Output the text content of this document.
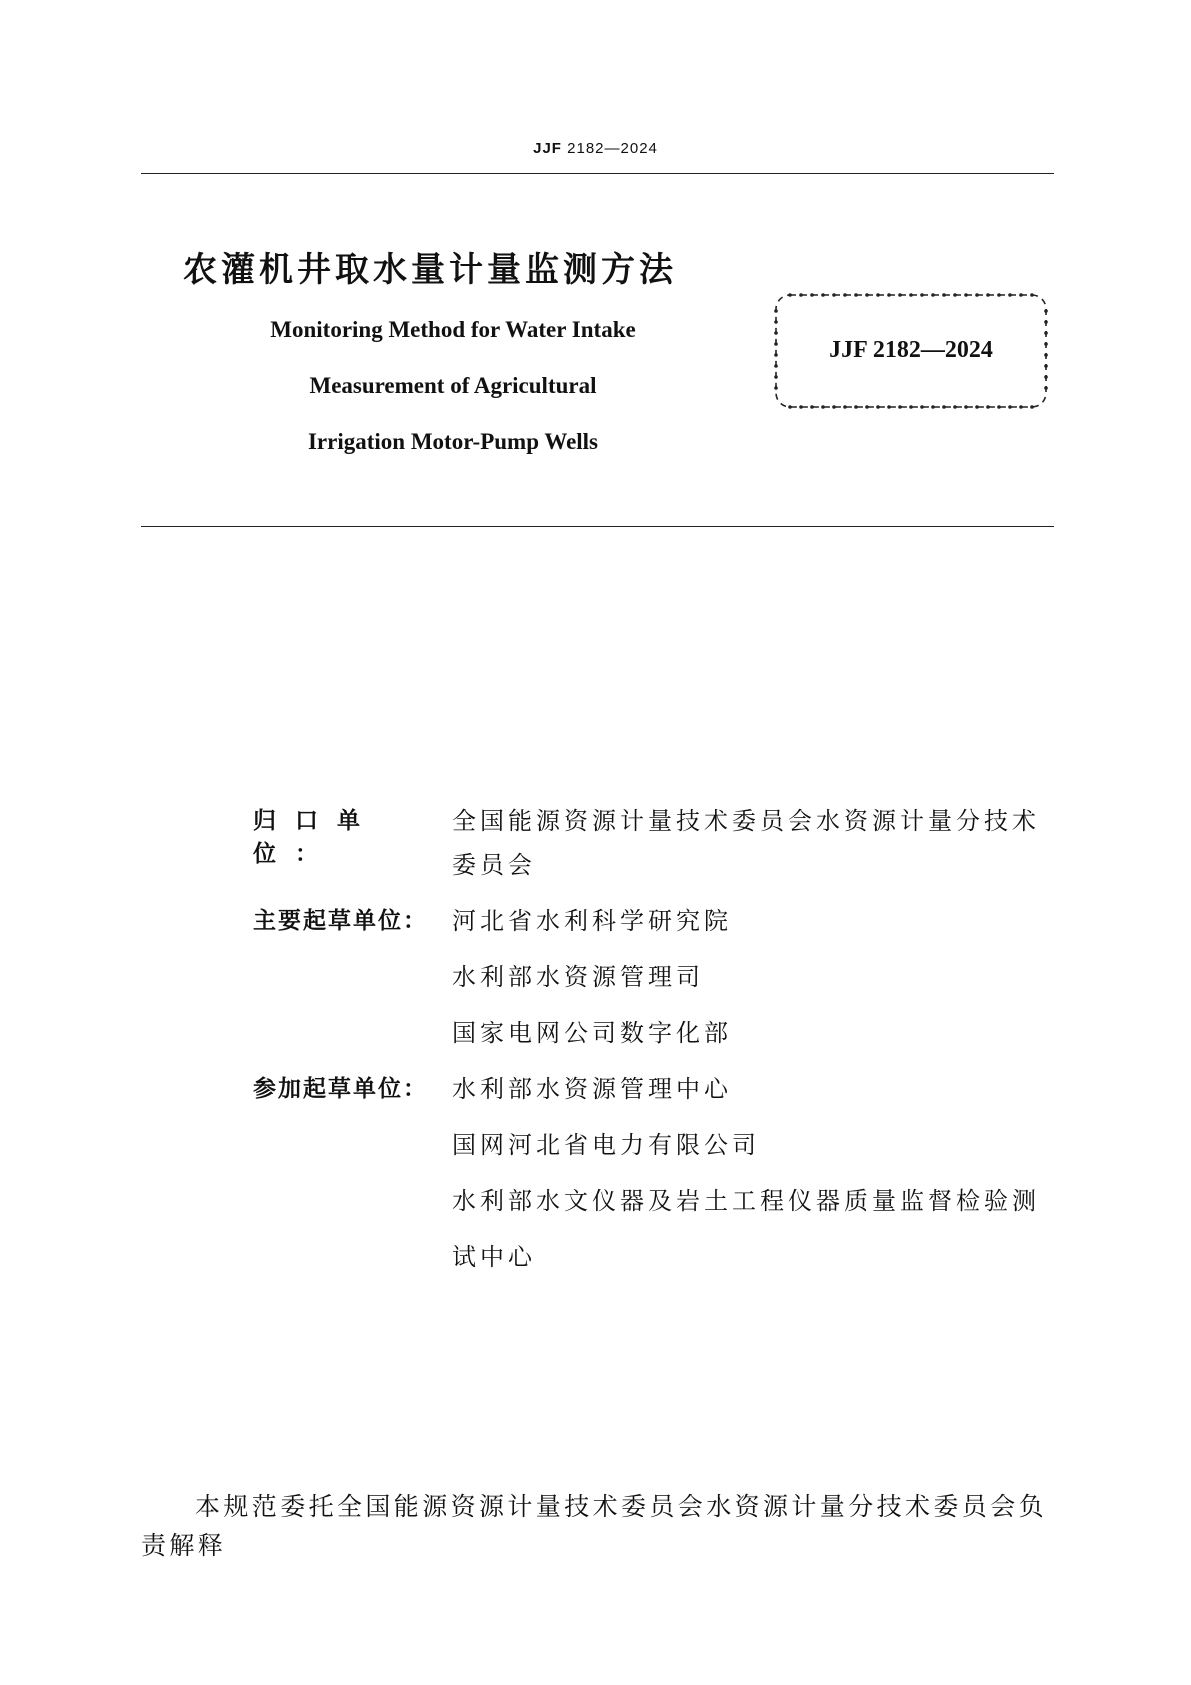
JJF 2182—2024
农灌机井取水量计量监测方法
Monitoring Method for Water Intake
Measurement of Agricultural
Irrigation Motor-Pump Wells
JJF 2182—2024
归口单位：
全国能源资源计量技术委员会水资源计量分技术
委员会
主要起草单位：	河北省水利科学研究院
水利部水资源管理司
国家电网公司数字化部
参加起草单位：	水利部水资源管理中心
国网河北省电力有限公司
水利部水文仪器及岩土工程仪器质量监督检验测
试中心
本规范委托全国能源资源计量技术委员会水资源计量分技术委员会负责解释
